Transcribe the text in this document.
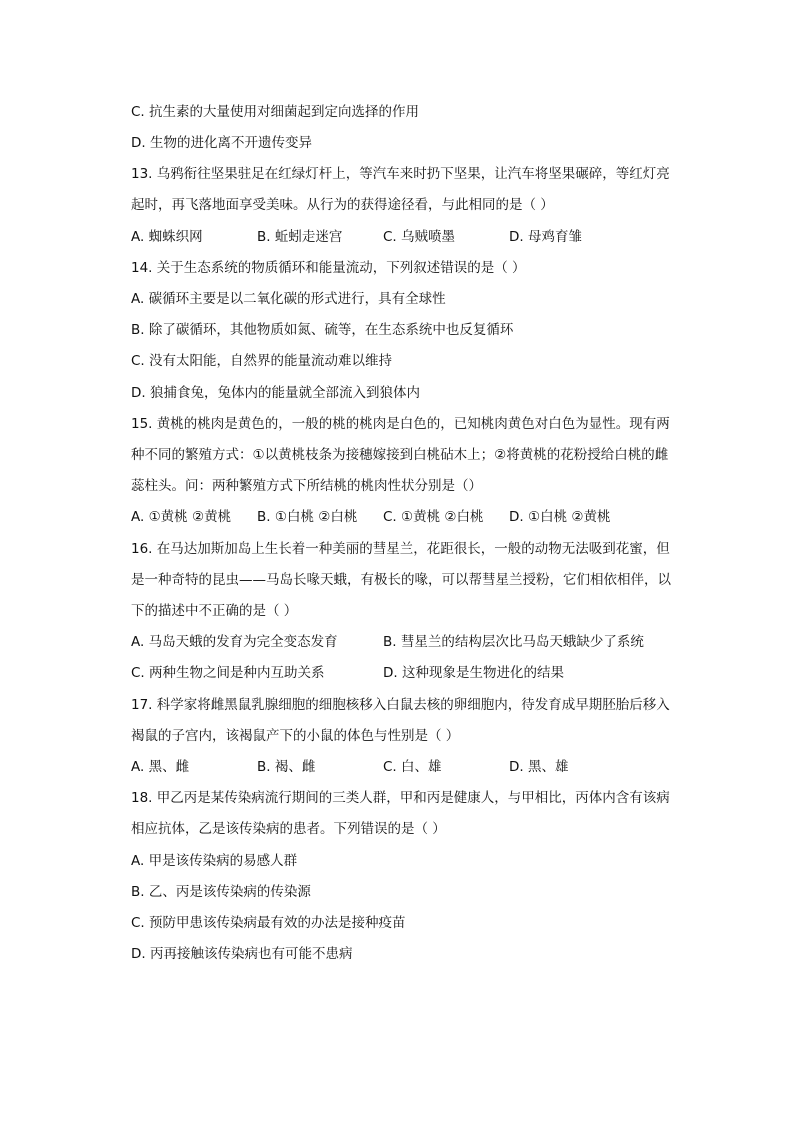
C. 抗生素的大量使用对细菌起到定向选择的作用
D. 生物的进化离不开遗传变异
13. 乌鸦衔往坚果驻足在红绿灯杆上，等汽车来时扔下坚果，让汽车将坚果碾碎，等红灯亮
起时，再飞落地面享受美味。从行为的获得途径看，与此相同的是（ ）
A. 蜘蛛织网	B. 蚯蚓走迷宫	C. 乌贼喷墨	D. 母鸡育雏
14. 关于生态系统的物质循环和能量流动，下列叙述错误的是（ ）
A. 碳循环主要是以二氧化碳的形式进行，具有全球性
B. 除了碳循环，其他物质如氮、硫等，在生态系统中也反复循环
C. 没有太阳能，自然界的能量流动难以维持
D. 狼捕食兔，兔体内的能量就全部流入到狼体内
15. 黄桃的桃肉是黄色的，一般的桃的桃肉是白色的，已知桃肉黄色对白色为显性。现有两
种不同的繁殖方式：①以黄桃枝条为接穗嫁接到白桃砧木上；②将黄桃的花粉授给白桃的雌
蕊柱头。问：两种繁殖方式下所结桃的桃肉性状分别是（）
A. ①黄桃 ②黄桃 B. ①白桃 ②白桃 C. ①黄桃 ②白桃 D. ①白桃 ②黄桃
16. 在马达加斯加岛上生长着一种美丽的彗星兰，花距很长，一般的动物无法吸到花蜜，但
是一种奇特的昆虫——马岛长喙天蛾，有极长的喙，可以帮彗星兰授粉，它们相依相伴，以
下的描述中不正确的是（ ）
A. 马岛天蛾的发育为完全变态发育	B. 彗星兰的结构层次比马岛天蛾缺少了系统
C. 两种生物之间是种内互助关系	D. 这种现象是生物进化的结果
17. 科学家将雌黑鼠乳腺细胞的细胞核移入白鼠去核的卵细胞内，待发育成早期胚胎后移入
褐鼠的子宫内，该褐鼠产下的小鼠的体色与性别是（ ）
A. 黑、雌	B. 褐、雌	C. 白、雄	D. 黑、雄
18. 甲乙丙是某传染病流行期间的三类人群，甲和丙是健康人，与甲相比，丙体内含有该病
相应抗体，乙是该传染病的患者。下列错误的是（ ）
A. 甲是该传染病的易感人群
B. 乙、丙是该传染病的传染源
C. 预防甲患该传染病最有效的办法是接种疫苗
D. 丙再接触该传染病也有可能不患病
